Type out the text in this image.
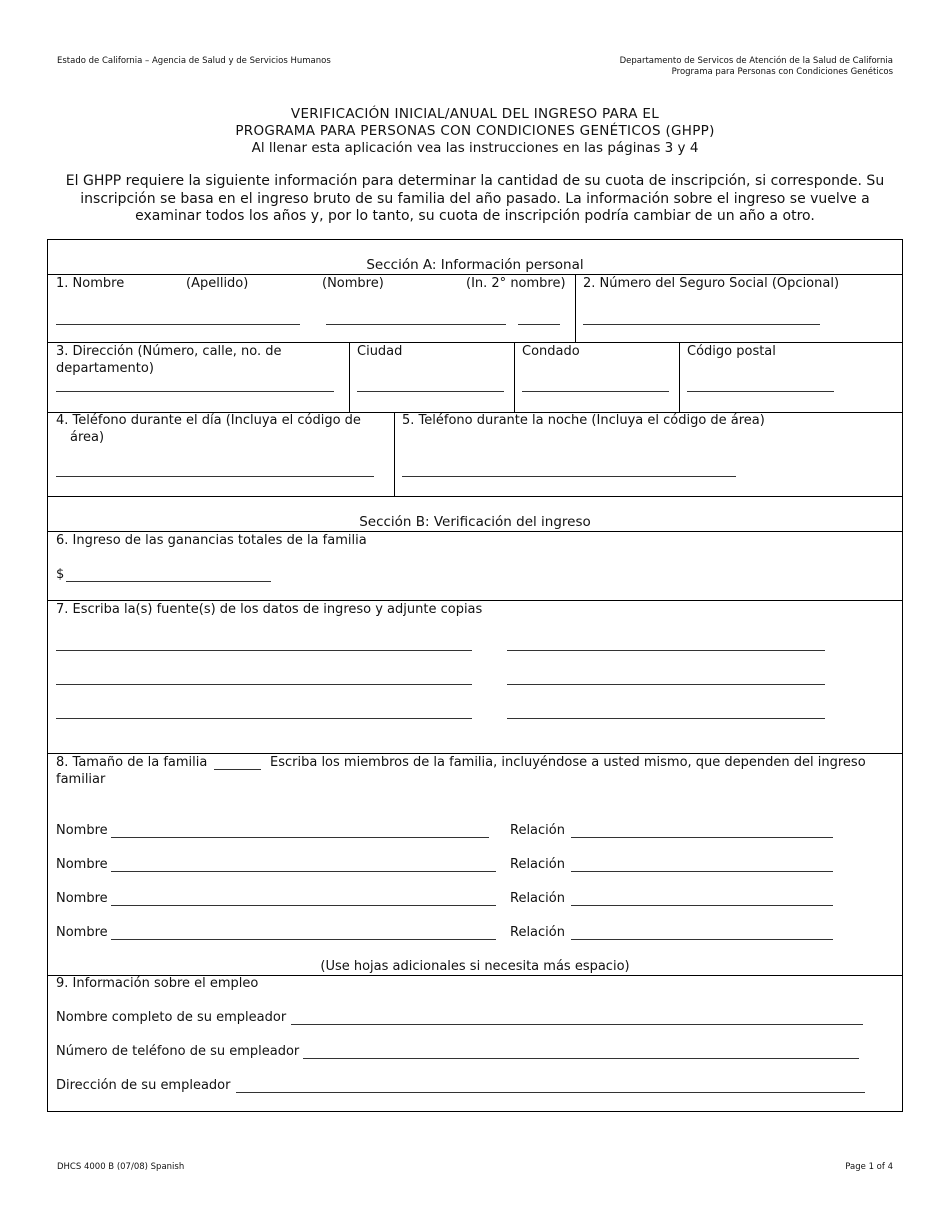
Estado de California – Agencia de Salud y de Servicios Humanos	Departamento de Servicos de Atención de la Salud de California
Programa para Personas con Condiciones Genéticos
VERIFICACIÓN INICIAL/ANUAL DEL INGRESO PARA EL
PROGRAMA PARA PERSONAS CON CONDICIONES GENÉTICOS (GHPP)
Al llenar esta aplicación vea las instrucciones en las páginas 3 y 4
El GHPP requiere la siguiente información para determinar la cantidad de su cuota de inscripción, si corresponde. Su inscripción se basa en el ingreso bruto de su familia del año pasado. La información sobre el ingreso se vuelve a examinar todos los años y, por lo tanto, su cuota de inscripción podría cambiar de un año a otro.
Sección A: Información personal
1. Nombre	(Apellido)	(Nombre)	(In. 2° nombre) 2. Número del Seguro Social (Opcional)
3. Dirección (Número, calle, no. de departamento)
Ciudad	Condado	Código postal
4. Teléfono durante el día (Incluya el código de área)
5. Teléfono durante la noche (Incluya el código de área)
Sección B: Verificación del ingreso
6. Ingreso de las ganancias totales de la familia
$
7. Escriba la(s) fuente(s) de los datos de ingreso y adjunte copias
8. Tamaño de la familia	Escriba los miembros de la familia, incluyéndose a usted mismo, que dependen del ingreso familiar
Nombre	Relación
Nombre	Relación
Nombre	Relación
Nombre	Relación
(Use hojas adicionales si necesita más espacio)
9. Información sobre el empleo
Nombre completo de su empleador
Número de teléfono de su empleador
Dirección de su empleador
DHCS 4000 B (07/08) Spanish	Page 1 of 4
